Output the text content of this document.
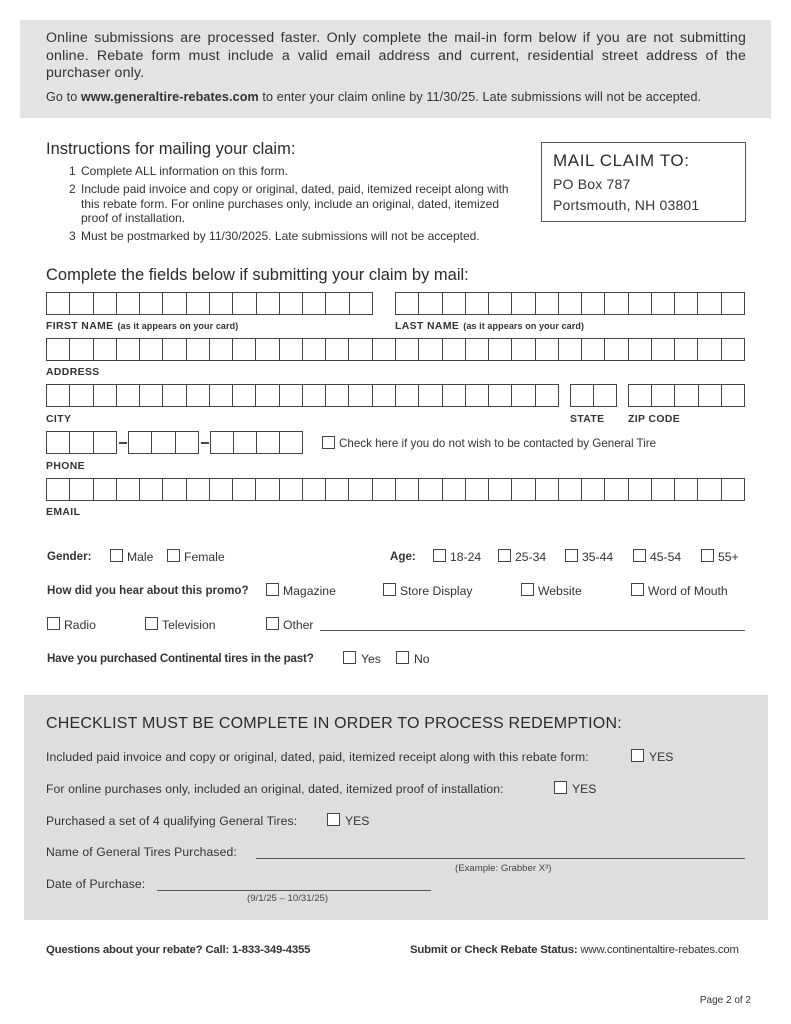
Online submissions are processed faster. Only complete the mail-in form below if you are not submitting online. Rebate form must include a valid email address and current, residential street address of the purchaser only.
Go to www.generaltire-rebates.com to enter your claim online by 11/30/25. Late submissions will not be accepted.
Instructions for mailing your claim:
1 Complete ALL information on this form.
2 Include paid invoice and copy or original, dated, paid, itemized receipt along with this rebate form. For online purchases only, include an original, dated, itemized proof of installation.
3 Must be postmarked by 11/30/2025. Late submissions will not be accepted.
MAIL CLAIM TO:
PO Box 787
Portsmouth, NH 03801
Complete the fields below if submitting your claim by mail:
FIRST NAME (as it appears on your card)	LAST NAME (as it appears on your card)
ADDRESS
CITY	STATE ZIP CODE
Check here if you do not wish to be contacted by General Tire
PHONE
EMAIL
Gender:	Male	Female	Age:	18-24	25-34	35-44	45-54	55+
How did you hear about this promo?	Magazine	Store Display	Website	Word of Mouth
Radio	Television	Other
Have you purchased Continental tires in the past?	Yes	No
CHECKLIST MUST BE COMPLETE IN ORDER TO PROCESS REDEMPTION:
Included paid invoice and copy or original, dated, paid, itemized receipt along with this rebate form:	YES
For online purchases only, included an original, dated, itemized proof of installation:	YES
Purchased a set of 4 qualifying General Tires:	YES
Name of General Tires Purchased:
(Example: Grabber X³)
Date of Purchase:
(9/1/25 – 10/31/25)
Questions about your rebate? Call: 1-833-349-4355	Submit or Check Rebate Status: www.continentaltire-rebates.com
Page 2 of 2
